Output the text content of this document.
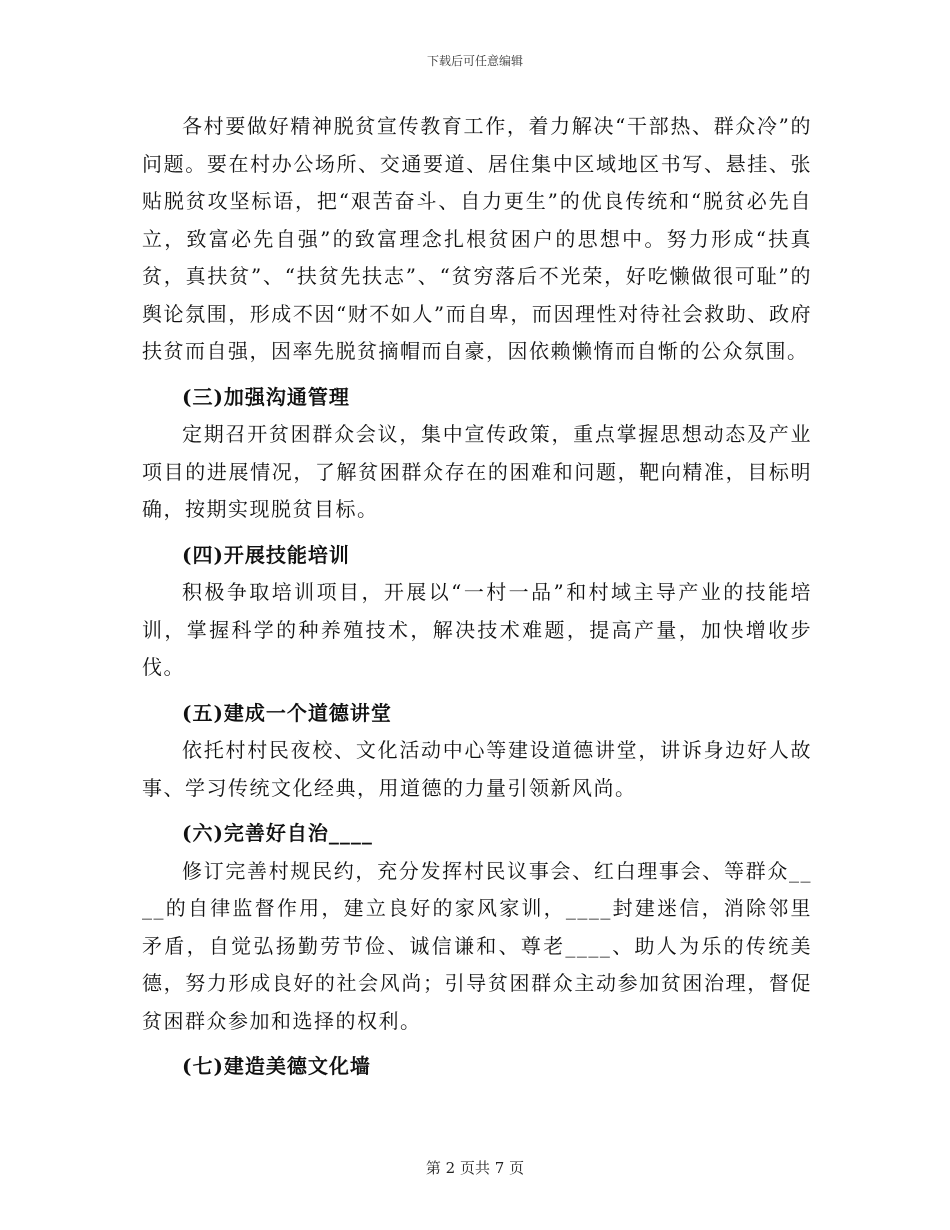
下载后可任意编辑

各村要做好精神脱贫宣传教育工作，着力解决“干部热、群众冷”的问题。要在村办公场所、交通要道、居住集中区域地区书写、悬挂、张贴脱贫攻坚标语，把“艰苦奋斗、自力更生”的优良传统和“脱贫必先自立，致富必先自强”的致富理念扎根贫困户的思想中。努力形成“扶真贫，真扶贫”、“扶贫先扶志”、“贫穷落后不光荣，好吃懒做很可耻”的舆论氛围，形成不因“财不如人”而自卑，而因理性对待社会救助、政府扶贫而自强，因率先脱贫摘帽而自豪，因依赖懒惰而自惭的公众氛围。

(三)加强沟通管理

定期召开贫困群众会议，集中宣传政策，重点掌握思想动态及产业项目的进展情况，了解贫困群众存在的困难和问题，靶向精准，目标明确，按期实现脱贫目标。

(四)开展技能培训

积极争取培训项目，开展以“一村一品”和村域主导产业的技能培训，掌握科学的种养殖技术，解决技术难题，提高产量，加快增收步伐。

(五)建成一个道德讲堂

依托村村民夜校、文化活动中心等建设道德讲堂，讲诉身边好人故事、学习传统文化经典，用道德的力量引领新风尚。

(六)完善好自治____

修订完善村规民约，充分发挥村民议事会、红白理事会、等群众____的自律监督作用，建立良好的家风家训，____封建迷信，消除邻里矛盾，自觉弘扬勤劳节俭、诚信谦和、尊老____、助人为乐的传统美德，努力形成良好的社会风尚；引导贫困群众主动参加贫困治理，督促贫困群众参加和选择的权利。

(七)建造美德文化墙
第 2 页共 7 页
